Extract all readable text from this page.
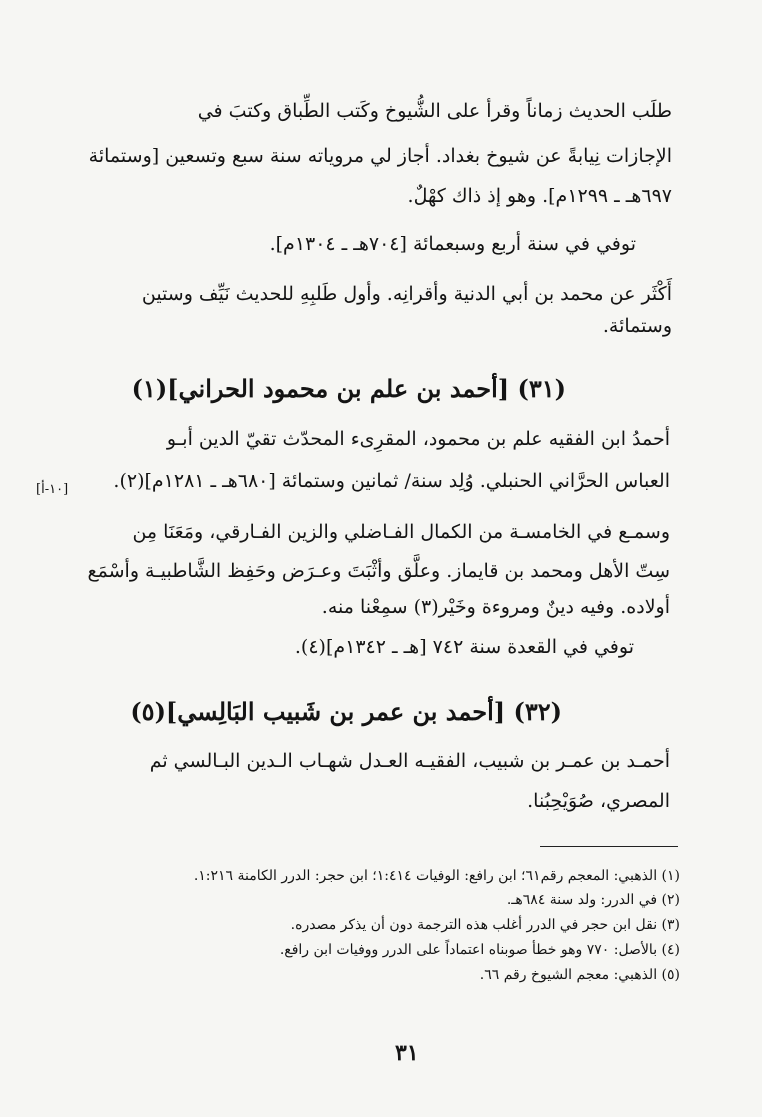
طلَب الحديث زماناً وقرأ على الشُّيوخ وكَتب الطِّباق وكتبَ في

الإجازات نِيابةً عن شيوخ بغداد. أجاز لي مروياته سنة سبع وتسعين [وستمائة

٦٩٧هـ ـ ١٢٩٩م]. وهو إذ ذاك كهْلٌ.

توفي في سنة أربع وسبعمائة [٧٠٤هـ ـ ١٣٠٤م].

أَكْثَر عن محمد بن أبي الدنية وأقرانِه. وأول طَلبِهِ للحديث نَيِّف وستين

وستمائة.

(٣١) [أحمد بن علم بن محمود الحراني](١)

أحمدُ ابن الفقيه علم بن محمود، المقرِىء المحدّث تقيّ الدين أبـو

العباس الحرَّاني الحنبلي. وُلِد سنة/ ثمانين وستمائة [٦٨٠هـ ـ ١٢٨١م](٢).

[١٠-أ]

وسمـع في الخامسـة من الكمال الفـاضلي والزين الفـارقي، ومَعَنَا مِن

سِتّ الأهل ومحمد بن قايماز. وعلَّق وأثْبَتَ وعـرَض وحَفِظ الشَّاطبيـة وأسْمَع

أولاده. وفيه دينٌ ومروءة وخَيْر(٣) سمِعْنا منه.

توفي في القعدة سنة ٧٤٢ [هـ ـ ١٣٤٢م](٤).

(٣٢) [أحمد بن عمر بن شَبيب البَالِسي](٥)

أحمـد بن عمـر بن شبيب، الفقيـه العـدل شهـاب الـدين البـالسي ثم

المصري، صُوَيْحِبُنا.

(١) الذهبي: المعجم رقم٦١؛ ابن رافع: الوفيات ١:٤١٤؛ ابن حجر: الدرر الكامنة ١:٢١٦.

(٢) في الدرر: ولد سنة ٦٨٤هـ.

(٣) نقل ابن حجر في الدرر أغلب هذه الترجمة دون أن يذكر مصدره.

(٤) بالأصل: ٧٧٠ وهو خطأ صوبناه اعتماداً على الدرر ووفيات ابن رافع.

(٥) الذهبي: معجم الشيوخ رقم ٦٦.

٣١
